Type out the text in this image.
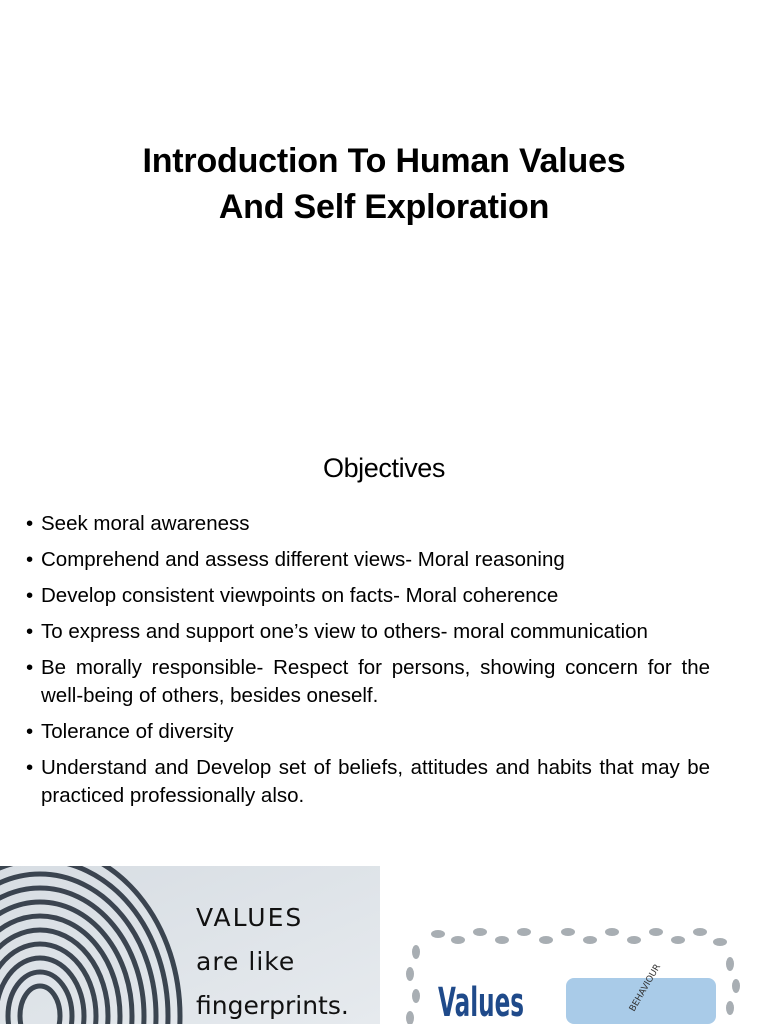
Introduction To Human Values
And Self Exploration
Objectives
• Seek moral awareness
• Comprehend and assess different views- Moral reasoning
• Develop consistent viewpoints on facts- Moral coherence
• To express and support one’s view to others- moral communication
• Be morally responsible- Respect for persons, showing concern for the well-being of others, besides oneself.
• Tolerance of diversity
• Understand and Develop set of beliefs, attitudes and habits that may be practiced professionally also.
VALUES
are like
fingerprints. Values	BEHAVIOUR
